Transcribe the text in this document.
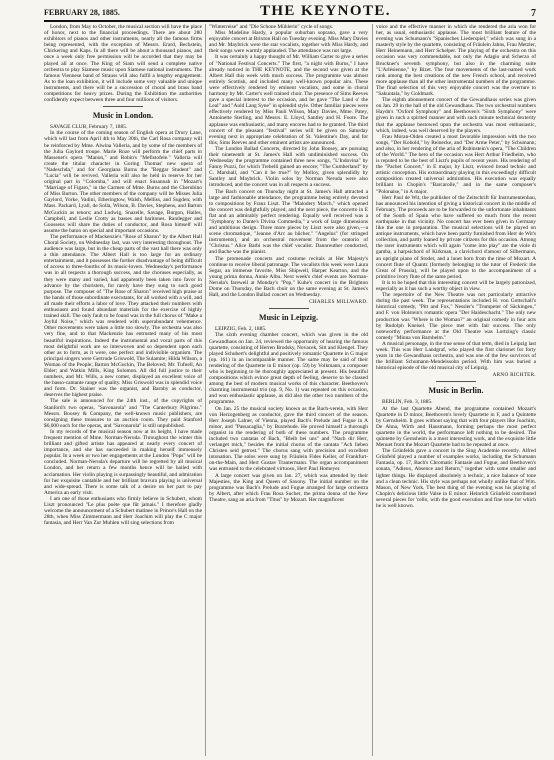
FEBRUARY 28, 1885.	THE KEYNOTE.	7

London, from May to October, the musical section will have the place of honor, next to the financial proceedings. There are about 280 exhibitors of pianos and other instruments, nearly all the famous firms being represented, with the exception of Messrs. Erard, Bechstein, Chickering and Kaps. In all there will be about a thousand pianos, and once a week only free permission will be accorded that they may be played all at once. The King of Siam will send a complete native orchestra to play Siamese music upon Siamese national instruments. The famous Viennese band of Strauss will also fulfil a lengthy engagement. As to the loan exhibition, it will include some very valuable and unique instruments, and there will be a succession of choral and brass band competitions for heavy prizes. During the Exhibition the authorities confidently expect between three and four millions of visitors.

Music in London.

SAVAGE CLUB, February 7, 1885.

In the course of the coming season of English opera at Drury Lane, which will last from April 4th to May 30th, the Carl Rosa company will be reinforced by Mme. Alwina Valleria, and by some of the members of the Julia Gaylord troupe. Marie Roze will perform the chief parts in Massenet's opera "Manon," and Robin's "Mefistofele." Valleria will create the titular character in Goring Thomas' new opera of "Nadeschda," and for Georgiana Burns the "Beggar Student" and "Lucia" will be revived. Valleria will also be held in reserve for her original part in "Colomba," and will enact Susannah in "Mozart's "Marriage of Figaro," in the Carmen of Mme. Burns and the Cherubino of Miss Burton. The other members of the company will be Misses Julia Gaylord, Yorke, Vadini, Etheringtow, Walsh, Melliss, and Sugden; with Mass. Packard, Lyall, de Solla, Wilson, B. Davies, Stephens, and Barton McGuckin as tenors; and Ludwig, Snazelle, Savage, Burgon, Hailes, Campbell, and Leslie Crotty as basses and baritones. Randegger and Goossens will share the duties of conductor, and Rosa himself will assume the baton on special and important occasions.

The performance of Mackenzie's "Rose of Sharon" by the Albert Hall Choral Society, on Wednesday last, was very interesting throughout. The audience was large, but in the cheap parts of the vast hall there was only a thin attendance. The Albert Hall is too large for an ordinary entertainment, and it possesses the further disadvantage of being difficult of access to three-fourths of its music-lovers. Wednesday's performance was in all respects a thorough success, and the choruses especially, as they were many and varied, had apparently been taken into favor in advance by the choristers, for rarely have they sung to such good purpose. The composer of "The Rose of Sharon" received high praise at the hands of those subordinate executants, for all worked with a will, and all made their efforts a labor of love. They attacked their numbers with enthusiasm and found abundant materials for the exercise of highly trained skill. The only fault to be found was in the full chorus of "Make a Joyful Noise," which was rendered with superabundant vehemence. Other movements were taken a little too slowly. The orchestra was also very fine, and to that Mackenzie has entrusted many of his most beautiful inspirations. Indeed the instrumental and vocal parts of this most delightful work are so interwoven and so dependent upon each other as to form, as it were, one perfect and indivisible organism. The principal singers were Gertrude Griswold, The Sulamite; Hilda Wilson, a Woman of the People; Barton McGuckin, The Beloved; Mr. Tufnell, An Elder; and Watkin Mills, King Solomon. All did full justice to their numbers, and Mr. Wills, a new comer, displayed an excellent voice of the basso-cantante range of quality. Miss Griswold was in splendid voice and form. Dr. Stainer was the organist, and Barnby as conductor, deserves the highest praise.

The sale is announced for the 24th inst., of the copyrights of Stanford's two operas, "Savonarola" and "The Canterbury Pilgrims." Messrs. Boosey & Company, the well-known music publishers, are consigning these treasures to an auction room. They paid Stanford $6,000 each for the operas, and "Savonarola" is still unpublished.

In my records of the musical season now at its height, I have made frequent mention of Mme. Norman-Neruda. Throughout the winter this brilliant and gifted artiste has appeared at nearly every concert of importance, and she has succeeded in making herself immensely popular. In a week or two her engagements at the London "Pops" will be concluded. Norman-Neruda's departure will be regretted by all musical London, and her return a few months hence will be hailed with acclamation. Her violin playing is surpassingly beautiful, and admiration for her exquisite cantabile and her brilliant bravura playing is universal and wide-spread. There is some talk of a desire on her part to pay America an early visit.

I am one of those enthusiasts who firmly believe in Schubert, whom Liszt pronounced "Le plus poète que fût jamais." I therefore gladly welcome the announcement of a Schubert matinee in Prince's Hall on the 28th, when Miss Zimmermann and Herr Joachim will play the C major fantasia, and Herr Van Zur Muhlen will sing selections from

"Winterreise" and "Die Schone Mühlerin" cycle of songs.

Miss Madeline Hardy, a popular suburban soprano, gave a very enjoyable concert at Brixton Hall on Tuesday evening. Miss Mary Davies and Mr. Maybrick were the star vocalists, together with Miss Hardy, and their songs were warmly applauded. The attendance was not large.

It was certainly a happy thought of Mr. William Carter to give a series of "National Festival Concerts." The first, "a night with Burns," I have already noticed in THE KEYNOTE, and the second was given at the Albert Hall this week with much success. The programme was almost entirely Scottish, and included many well-known popular airs. These were effectively rendered by eminent vocalists, and some in choral harmony by Mr. Carter's well trained choir. The presence of Sims Reeves gave a special interest to the occasion, and he gave "The Land o' the Leal" and "Auld Lang Syne" in splendid style. Other familiar pieces were effectively rendered by Miss Pauli Wilson, Mary Davies, Mme. Patey, Antoinette Sterling, and Messrs. E. Lloyd, Santley and H. Foote. The applause was enthusiastic, and many encores had to be granted. The third concert of the pleasant "festival" series will be given on Saturday evening next in appropriate celebration of St. Valentine's Day, and for this, Sims Reeves and other eminent artists are announced.

The London Ballad Concerts, directed by John Boosey, are pursuing their nineteenth at St. James's Hall with undiminished success. On Wednesday the programme contained three new songs, "L'Indovina" by Fanny Puzzi, for which Trebelli gained an encore; "The Cumberland" by C. Marshall, and "Can it be true?" by Molloy, given splendidly by Santley and Maybrick. Violin solos by Norman Neruda were also introduced, and the concert was in all respects a success.

The Bach concert on Thursday night at St. James's Hall attracted a large and fashionable attendance, the programme being entirely devoted to compositions by Franz Liszt. The "Malodery March," which opened the concert was delightfully played, and the next piece, the concerto in E flat and an admirably perfect rendering. Equally well received was a "Symphony to Dante's Divina Commedia," a work of large dimensions and ambitious design. Three more pieces by Liszt were also given,—a scene chromatique, "Jeanne d'Arc au bûcher," "Angelus" (for stringed instruments), and an orchestral movement from the oratorio of "Christus." Alice Barbi was the chief vocalist. Dannreuther conducted, and Bache was the pianist.

The promenade concerts and costume recitals at Her Majesty's continue to receive liberal patronage. The vocalists this week were Laura Segar, an immense favorite, Miss Shipwell, Harper Kearton, and the young prima donna, Annie Albu. Next week's chief events are Norman-Neruda's farewell at Monday's "Pop," Kuhe's concert in the Brighton Dome on Thursday, the Bach choir on the same evening at St. James's Hall, and the London Ballad concert on Wednesday.

CHARLES MILLWARD.
Music in Leipzig.

LEIPZIG, Feb. 2, 1885.

The sixth evening chamber concert, which was given in the old Gewandhaus on Jan. 24, reviewed the opportunity of hearing the famous quartette, consisting of Herren Brodsky, Novacek, Sitt and Klengel. They played Schubert's delightful and positively romantic Quartette in G major (op. 161) in an incomparable manner. The same may be said of their rendering of the Quartette in E minor (op. 59) by Volkmann, a composer who is beginning to be thoroughly appreciated at present. His beautiful compositions which evince great depth of feeling, deserve to be classed among the best of modern musical works of this character. Beethoven's charming instrumental trio (op. 9, No. 1) was repeated on this occasion, and won enthusiastic applause, as did also the other two numbers of the programme.

On Jan. 25 the musical society known as the Bach-verein, with Herr von Herzogenberg as conductor, gave the third concert of the season. Herr Joseph Lalner, of Vienna, played Bach's Prelude and Fugue in A minor, and "Passacaglia," by Buxtehude. He proved himself a thorough organist in the rendering of both of these numbers. The programme included two cantatas of Bach, "Bleib bei uns" and "Nach dir Herr, verlanget mich," besides the initial chorus of the cantata "Ach lieben Christen seid getrost." The chorus sang with precision and excellent intonation. The solos were sung by Fräulein Fides Keller, of Frankfurt-on-the-Main, and Herr Gustav Trautermann. The organ accompaniment was entrusted to the celebrated virtuoso, Herr Paul Homeyer.

A large concert was given on Jan. 27, which was attended by their Majesties, the King and Queen of Saxony. The initial number on the programme was Bach's Prelude and Fugue arranged for large orchestra by Albert, after which Frau Rosa Sucher, the prima donna of the New Theatre, sang an aria from "Titus" by Mozart. Her magnificent

voice and the effective manner in which she rendered the aria won for her, as usual, enthusiastic applause. The most brilliant feature of the evening was Schumann's "Spanisches Liederspiel," which was sung in a masterly style by the quartette, consisting of Fräulein Jahns, Frau Metzler, Herr Heinemann, and Herr Schelper. The playing of the orchestra on this occasion was very commendable, not only the Adagio and Scherzo of Bruckner's seventh symphony, but also in the charming suite "L'Arlésienne," by Bizet. The four movements of the last-named work rank among the best creations of the new French school, and received more applause than all the other instrumental numbers of the programme. The final selection of this very enjoyable concert was the overture to "Sakuntala," by Goldmark.

The eighth abonnement concert of the Gewandhaus series was given on Jan. 29 in the hall of the old Gewandhaus. The two orchestral numbers Haydn's "Oxford Symphony" and Beethoven's "Sixth Symphony" were given in such a spirited manner and with such minute technical dexterity that the applause bestowed upon the orchestra was most enthusiastic, which, indeed, was well deserved by the players.

Frau Moran-Olden created a most favorable impression with the two songs, "Der Kobold," by Reinecke, and "Der Arme Peter," by Schumann; and also, in her rendering of the aria of Rubinstein's opera, "The Children of the World." The hero of the occasion was Herr Arthur Friedheim, who is reputed to be the best of Liszt's pupils of recent years. His rendering of the "Pachet Concert," in E major, by Liszt, evinced broad technic and artistic conception. His extraordinary playing in this exceedingly difficult composition created universal admiration. His execution was equally brilliant in Chopin's "Barcarolle," and in the same composer's "Polonaise," in A major.

Herr Paul de Wit, the publisher of the Zeitschrift für Instrumentenbau, has announced his intention of giving a historical concert in the middle of February. The proceeds are to be forwarded to the unfortunate inhabitants of the South of Spain who have suffered so much from the recent earthquake in that vicinity. No concert has ever been given in Germany like the one in preparation. The musical selections will be played on antique instruments, which have been partly furnished from Herr de Wit's collection, and partly loaned by private citizens for this occasion. Among the rarer instruments which will again "come into play" are the viole di gamba, a harpsichord of Kirkman, a clavichord d'amour of Silbermann, an upright piano of Stoder, and a lunet horn from the time of Mozart. A concert flute of Quantz (formerly belonging to the tutor of Frederic the Great of Prussia), will be played upon to the accompaniment of a primitive ivory flute of the same period.

It is to be hoped that this interesting concert will be largely patronized, especially as it has such a worthy object in view.

The repertoire of the New Theatre was not particularly attractive during the past week. The representations included H. von Gottschall's historical comedy, "Pitt and Fox," Nessler's "Trumpeter of Säckingen," and F. von Holstein's romantic opera "Der Haideschacht." The only new production was "Where is the Woman?" an original comedy in four acts by Rudolph Kneisel. The piece met with fair success. The only noteworthy performance at the Old Theatre was Lortzing's classic comedy "Minna von Barnhelm."

A musical personage, in the true sense of that term, died in Leipzig last week. This was Herr Landgraf, who played the first clarionet for forty years in the Gewandhaus orchestra, and was one of the few survivors of the brilliant Schumann-Mendelssohn period. With him was buried a historical episode of the old musical city of Leipzig.

ARNO RICHTER.
Music in Berlin.

BERLIN, Feb. 3, 1885.

At the last Quartette Abend, the programme contained Mozart's Quartette in D minor, Beethoven's lovely Quartette in F, and a Quintette by Gernsheim. It goes without saying that with four players like Joachim, De Ahna, Wirth and Hausmann, forming perhaps the most perfect quartette in the world, the performance left nothing to be desired. The quintette by Gernsheim is a most interesting work, and the exquisite little Menuet from the Mozart Quartette had to be repeated at once.

The Grünfelds gave a concert in the Sing Academie recently. Alfred Grünfeld played a number of examples works, including the Schumann Fantasia, op. 17, Bach's Chromatic Fantasie and Fugue, and Beethoven's sonata, "Adieux, Absence and Return," together with some smaller and lighter things. He displayed absolutely a technic, a nice balance of tone and a clean technic. His style was perhaps not wholly unlike that of Wm. Mason, of New York. The best thing of the evening was his playing of Chopin's delicious little Valse in E minor. Heinrich Grünfeld contributed several pieces for 'cello, with the good execution and fine tone for which he is well known.
